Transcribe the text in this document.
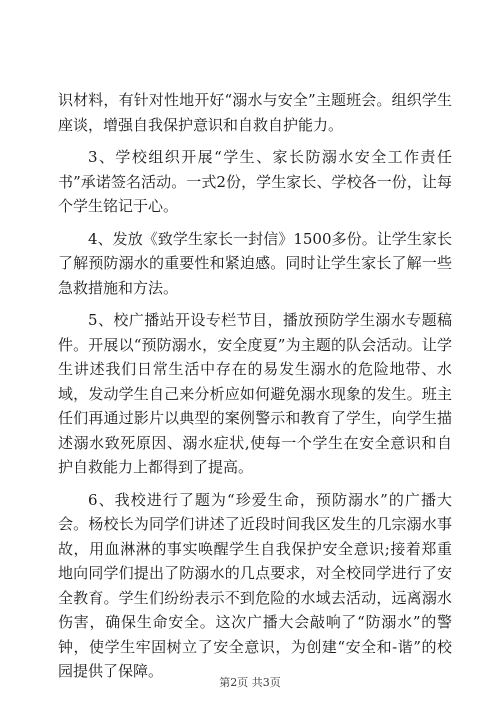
识材料，有针对性地开好“溺水与安全”主题班会。组织学生座谈，增强自我保护意识和自救自护能力。

3、学校组织开展“学生、家长防溺水安全工作责任书”承诺签名活动。一式2份，学生家长、学校各一份，让每个学生铭记于心。

4、发放《致学生家长一封信》1500多份。让学生家长了解预防溺水的重要性和紧迫感。同时让学生家长了解一些急救措施和方法。

5、校广播站开设专栏节目，播放预防学生溺水专题稿件。开展以“预防溺水，安全度夏”为主题的队会活动。让学生讲述我们日常生活中存在的易发生溺水的危险地带、水域，发动学生自己来分析应如何避免溺水现象的发生。班主任们再通过影片以典型的案例警示和教育了学生，向学生描述溺水致死原因、溺水症状,使每一个学生在安全意识和自护自救能力上都得到了提高。

6、我校进行了题为“珍爱生命，预防溺水”的广播大会。杨校长为同学们讲述了近段时间我区发生的几宗溺水事故，用血淋淋的事实唤醒学生自我保护安全意识;接着郑重地向同学们提出了防溺水的几点要求，对全校同学进行了安全教育。学生们纷纷表示不到危险的水域去活动，远离溺水伤害，确保生命安全。这次广播大会敲响了“防溺水”的警钟，使学生牢固树立了安全意识，为创建“安全和-谐”的校园提供了保障。

第2页 共3页
